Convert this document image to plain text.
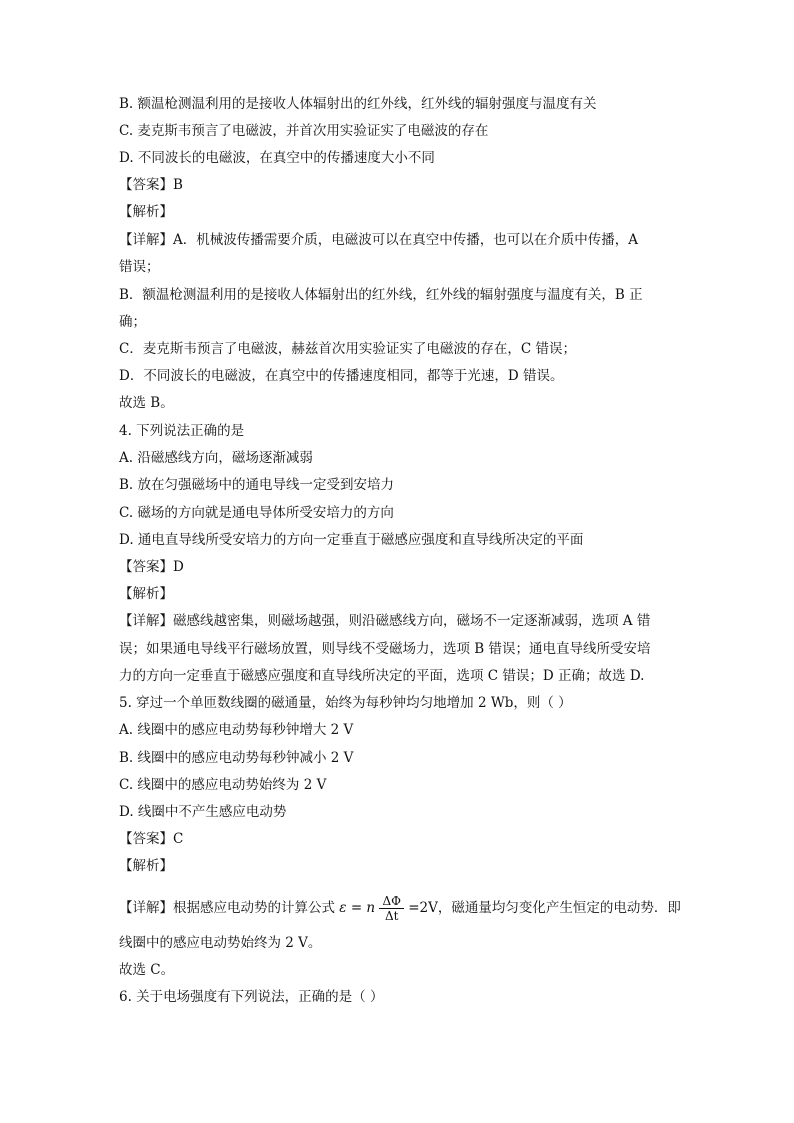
B. 额温枪测温利用的是接收人体辐射出的红外线，红外线的辐射强度与温度有关
C. 麦克斯韦预言了电磁波，并首次用实验证实了电磁波的存在
D. 不同波长的电磁波，在真空中的传播速度大小不同
【答案】B
【解析】
【详解】A．机械波传播需要介质，电磁波可以在真空中传播，也可以在介质中传播，A
错误；
B．额温枪测温利用的是接收人体辐射出的红外线，红外线的辐射强度与温度有关，B 正
确；
C．麦克斯韦预言了电磁波，赫兹首次用实验证实了电磁波的存在，C 错误；
D．不同波长的电磁波，在真空中的传播速度相同，都等于光速，D 错误。
故选 B。
4. 下列说法正确的是
A. 沿磁感线方向，磁场逐渐减弱
B. 放在匀强磁场中的通电导线一定受到安培力
C. 磁场的方向就是通电导体所受安培力的方向
D. 通电直导线所受安培力的方向一定垂直于磁感应强度和直导线所决定的平面
【答案】D
【解析】
【详解】磁感线越密集，则磁场越强，则沿磁感线方向，磁场不一定逐渐减弱，选项 A 错
误；如果通电导线平行磁场放置，则导线不受磁场力，选项 B 错误；通电直导线所受安培
力的方向一定垂直于磁感应强度和直导线所决定的平面，选项 C 错误；D 正确；故选 D.
5. 穿过一个单匝数线圈的磁通量，始终为每秒钟均匀地增加 2 Wb，则（ ）
A. 线圈中的感应电动势每秒钟增大 2 V
B. 线圈中的感应电动势每秒钟减小 2 V
C. 线圈中的感应电动势始终为 2 V
D. 线圈中不产生感应电动势
【答案】C
【解析】
【详解】根据感应电动势的计算公式 ε = n $\frac{\Delta\Phi}{\Delta t} =2V$，磁通量均匀变化产生恒定的电动势．即
线圈中的感应电动势始终为 2 V。
故选 C。
6. 关于电场强度有下列说法，正确的是（ ）
